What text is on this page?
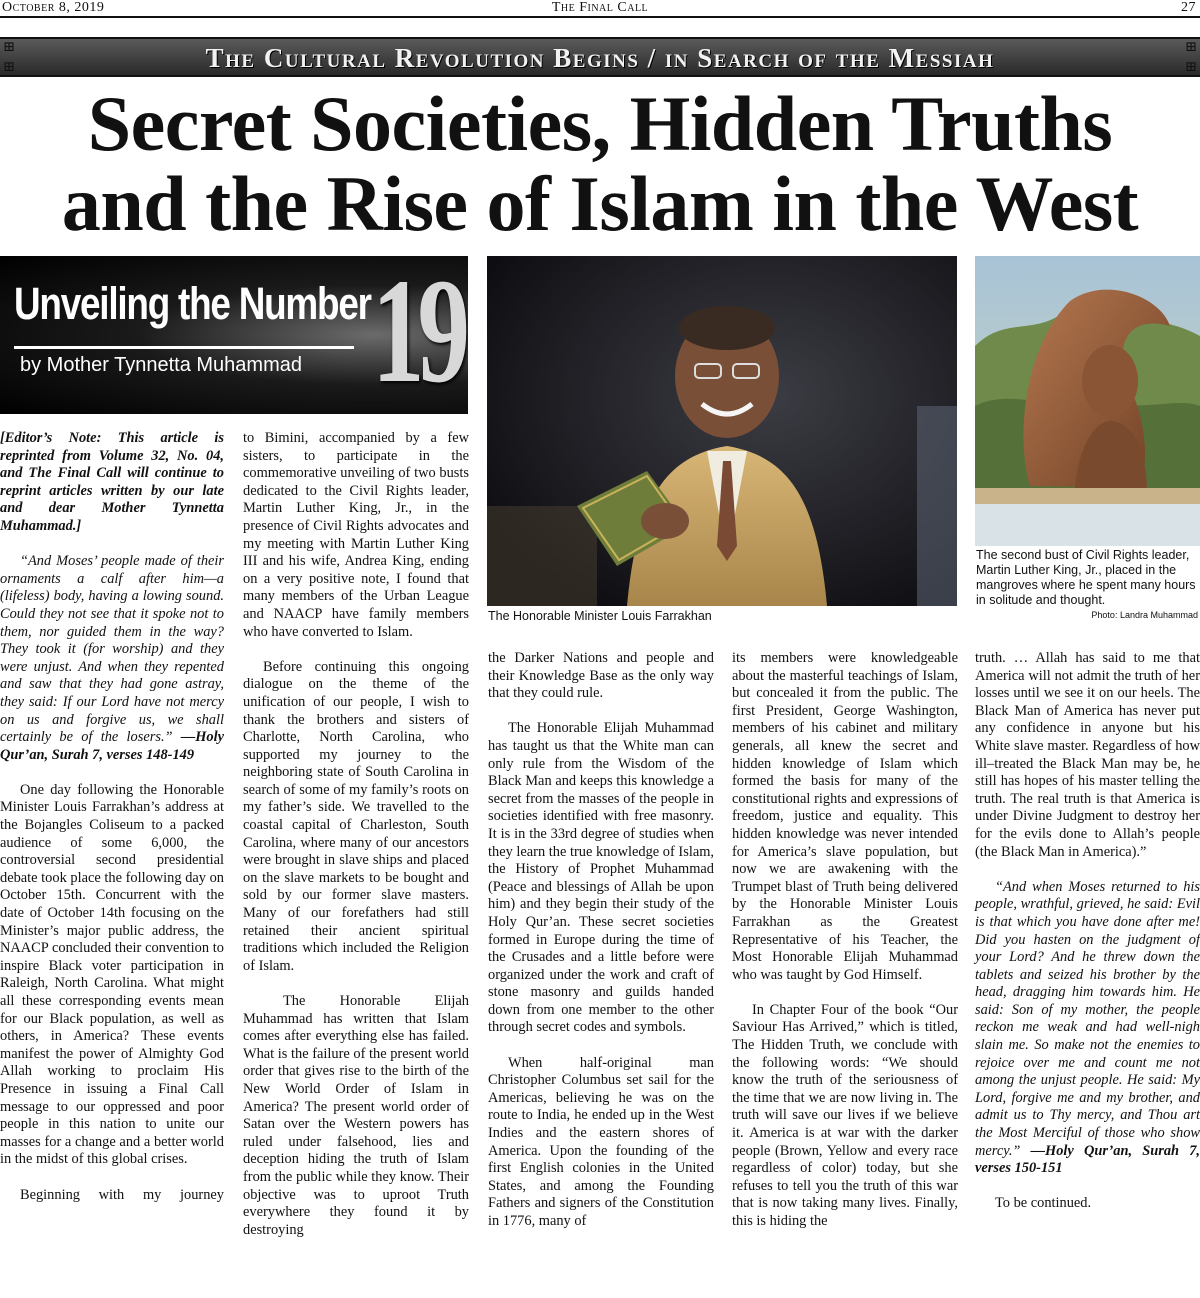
October 8, 2019	The Final Call	27
⊞
⊞
⊞
⊞
The Cultural Revolution Begins / in Search of the Messiah
Secret Societies, Hidden Truths
and the Rise of Islam in the West
Unveiling the Number
by Mother Tynnetta Muhammad 19
The Honorable Minister Louis Farrakhan
The second bust of Civil Rights leader, Martin Luther King, Jr., placed in the mangroves where he spent many hours in solitude and thought.
Photo: Landra Muhammad

[Editor’s Note: This article is reprinted from Volume 32, No. 04, and The Final Call will continue to reprint articles written by our late and dear Mother Tynnetta Muhammad.]

“And Moses’ people made of their ornaments a calf after him—a (lifeless) body, having a lowing sound. Could they not see that it spoke not to them, nor guided them in the way? They took it (for worship) and they were unjust. And when they repented and saw that they had gone astray, they said: If our Lord have not mercy on us and forgive us, we shall certainly be of the losers.” —Holy Qur’an, Surah 7, verses 148-149

One day following the Honorable Minister Louis Farrakhan’s address at the Bojangles Coliseum to a packed audience of some 6,000, the controversial second presidential debate took place the following day on October 15th. Concurrent with the date of October 14th focusing on the Minister’s major public address, the NAACP concluded their convention to inspire Black voter participation in Raleigh, North Carolina. What might all these corresponding events mean for our Black population, as well as others, in America? These events manifest the power of Almighty God Allah working to proclaim His Presence in issuing a Final Call message to our oppressed and poor people in this nation to unite our masses for a change and a better world in the midst of this global crises.

Beginning with my journey

to Bimini, accompanied by a few sisters, to participate in the commemorative unveiling of two busts dedicated to the Civil Rights leader, Martin Luther King, Jr., in the presence of Civil Rights advocates and my meeting with Martin Luther King III and his wife, Andrea King, ending on a very positive note, I found that many members of the Urban League and NAACP have family members who have converted to Islam.

Before continuing this ongoing dialogue on the theme of the unification of our people, I wish to thank the brothers and sisters of Charlotte, North Carolina, who supported my journey to the neighboring state of South Carolina in search of some of my family’s roots on my father’s side. We travelled to the coastal capital of Charleston, South Carolina, where many of our ancestors were brought in slave ships and placed on the slave markets to be bought and sold by our former slave masters. Many of our forefathers had still retained their ancient spiritual traditions which included the Religion of Islam.

The Honorable Elijah Muhammad has written that Islam comes after everything else has failed. What is the failure of the present world order that gives rise to the birth of the New World Order of Islam in America? The present world order of Satan over the Western powers has ruled under falsehood, lies and deception hiding the truth of Islam from the public while they know. Their objective was to uproot Truth everywhere they found it by destroying

the Darker Nations and people and their Knowledge Base as the only way that they could rule.

The Honorable Elijah Muhammad has taught us that the White man can only rule from the Wisdom of the Black Man and keeps this knowledge a secret from the masses of the people in societies identified with free masonry. It is in the 33rd degree of studies when they learn the true knowledge of Islam, the History of Prophet Muhammad (Peace and blessings of Allah be upon him) and they begin their study of the Holy Qur’an. These secret societies formed in Europe during the time of the Crusades and a little before were organized under the work and craft of stone masonry and guilds handed down from one member to the other through secret codes and symbols.

When half-original man Christopher Columbus set sail for the Americas, believing he was on the route to India, he ended up in the West Indies and the eastern shores of America. Upon the founding of the first English colonies in the United States, and among the Founding Fathers and signers of the Constitution in 1776, many of

its members were knowledgeable about the masterful teachings of Islam, but concealed it from the public. The first President, George Washington, members of his cabinet and military generals, all knew the secret and hidden knowledge of Islam which formed the basis for many of the constitutional rights and expressions of freedom, justice and equality. This hidden knowledge was never intended for America’s slave population, but now we are awakening with the Trumpet blast of Truth being delivered by the Honorable Minister Louis Farrakhan as the Greatest Representative of his Teacher, the Most Honorable Elijah Muhammad who was taught by God Himself.

In Chapter Four of the book “Our Saviour Has Arrived,” which is titled, The Hidden Truth, we conclude with the following words: “We should know the truth of the seriousness of the time that we are now living in. The truth will save our lives if we believe it. America is at war with the darker people (Brown, Yellow and every race regardless of color) today, but she refuses to tell you the truth of this war that is now taking many lives. Finally, this is hiding the

truth. … Allah has said to me that America will not admit the truth of her losses until we see it on our heels. The Black Man of America has never put any confidence in anyone but his White slave master. Regardless of how ill–treated the Black Man may be, he still has hopes of his master telling the truth. The real truth is that America is under Divine Judgment to destroy her for the evils done to Allah’s people (the Black Man in America).”

“And when Moses returned to his people, wrathful, grieved, he said: Evil is that which you have done after me! Did you hasten on the judgment of your Lord? And he threw down the tablets and seized his brother by the head, dragging him towards him. He said: Son of my mother, the people reckon me weak and had well-nigh slain me. So make not the enemies to rejoice over me and count me not among the unjust people. He said: My Lord, forgive me and my brother, and admit us to Thy mercy, and Thou art the Most Merciful of those who show mercy.” —Holy Qur’an, Surah 7, verses 150-151

To be continued.
